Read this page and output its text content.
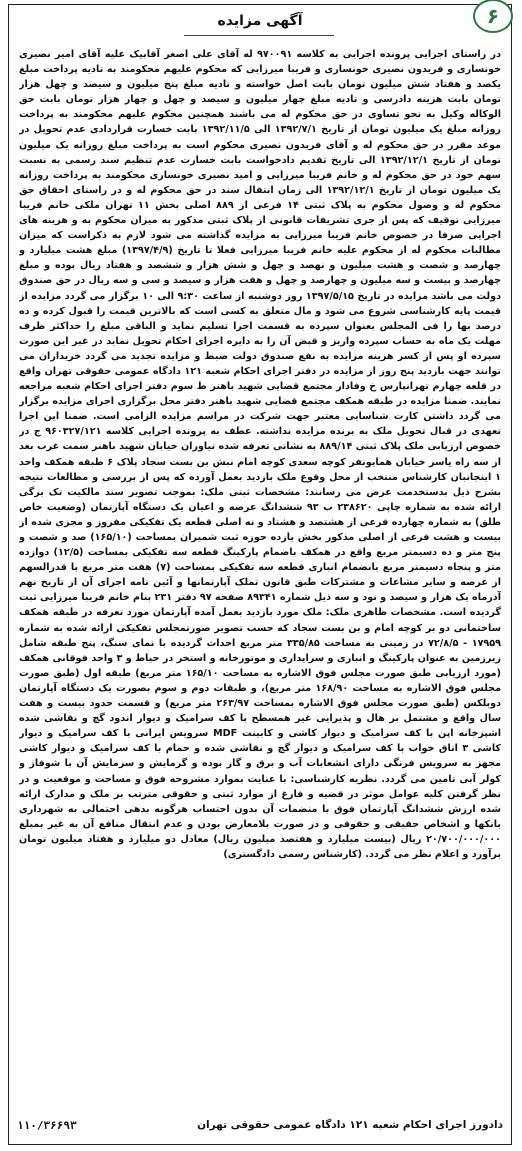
۶
آگهی مزایده
در راستای اجرایی پرونده اجرایی به کلاسه ۹۷۰۰۹۱ له آقای علی اصغر آقابیک علیه آقای امیر نصیری خونساری و فریدون نصیری خونساری و فریبا میرزایی که محکوم علیهم محکومند به تادیه پرداخت مبلغ یکصد و هفتاد شش میلیون تومان بابت اصل خواسته و تادیه مبلغ پنج میلیون و سیصد و چهل هزار تومان بابت هزینه دادرسی و تادیه مبلغ چهار میلیون و سیصد و چهل و چهار هزار تومان بابت حق الوکاله وکیل به نحو تساوی در حق محکوم له می باشند همچنین محکوم علیهم محکومند به پرداخت روزانه مبلغ یک میلیون تومان از تاریخ ۱۳۹۲/۷/۱ الی ۱۳۹۲/۱۱/۵ بابت خسارت قراردادی عدم تحویل در موعد مقرر در حق محکوم له و آقای فریدون نصیری محکوم است به پرداخت مبلغ روزانه یک میلیون تومان از تاریخ ۱۳۹۲/۱۲/۱ الی تاریخ تقدیم دادخواست بابت خسارت عدم تنظیم سند رسمی به نسبت سهم خود در حق محکوم له و خانم فریبا میرزایی و امید نصیری خونساری محکومند به پرداخت روزانه یک میلیون تومان از تاریخ ۱۳۹۲/۱۲/۱ الی زمان انتقال سند در حق محکوم له و در راستای احقاق حق محکوم له و وصول محکوم به پلاک ثبتی ۱۴ فرعی از ۸۸۹ اصلی بخش ۱۱ تهران ملکی خانم فریبا میرزایی توقیف که پس از جری تشریفات قانونی از پلاک ثبتی مذکور به میزان محکوم به و هزینه های اجرایی صرفا در خصوص خانم فریبا میرزایی به مزایده گذاشته می شود لازم به ذکراست که میزان مطالبات محکوم له از محکوم علیه خانم فریبا میرزایی فعلا تا تاریخ (۱۳۹۷/۴/۹) مبلغ هشت میلیارد و چهارصد و شصت و هشت میلیون و نهصد و چهل و شش هزار و ششصد و هفتاد ریال بوده و مبلغ چهارصد و بیست و سه میلیون و چهارصد و چهل و هفت هزار و سیصد و سی و سه ریال در حق صندوق دولت می باشد مزایده در تاریخ ۱۳۹۷/۵/۱۵ روز دوشنبه از ساعت ۹:۳۰ الی ۱۰ برگزار می گردد مزایده از قیمت پایه کارشناسی شروع می شود و مال متعلق به کسی است که بالاترین قیمت را قبول کرده و ده درصد بها را فی المجلس بعنوان سپرده به قسمت اجرا تسلیم نماید و الباقی مبلغ را حداکثر ظرف مهلت یک ماه به حساب سپرده واریز و قبض آن را به دایره اجرای احکام تحویل نماید در غیر این صورت سپرده او پس از کسر هزینه مزایده به نفع صندوق دولت ضبط و مزایده تجدید می گردد خریداران می توانند جهت بازدید پنج روز از مزایده در دفتر اجرای احکام شعبه ۱۲۱ دادگاه عمومی حقوقی تهران واقع در قلعه چهارم تهرانپارس خ وفادار مجتمع قضایی شهید باهنر ط سوم دفتر اجرای احکام شعبه مراجعه نمایند. ضمنا مزایده در طبقه همکف مجتمع قضایی شهید باهنر دفتر محل برگزاری اجرای مزایده برگزار می گردد داشتن کارت شناسایی معتبر جهت شرکت در مراسم مزایده الزامی است. ضمنا این اجرا تعهدی در قبال تحویل ملک به برنده مزایده نداشته. عطف به پرونده اجرایی کلاسه ۹۶۰۳۲۷/۱۲۱ ج در خصوص ارزیابی ملک پلاک ثبتی ۸۸۹/۱۴ به نشانی تعرفه شده نیاوران خیابان شهید باهنر سمت غرب بعد از سه راه یاسر خیابان همایونفر کوچه سعدی کوچه امام نبش بن بست سجاد پلاک ۶ طبقه همکف واحد ۱ اینجانبان کارشناس منتخب از محل وقوع ملک بازدید بعمل آورده که پس از بررسی و مطالعات نتیجه بشرح ذیل بدستخدمت عرض می رسانند: مشخصات ثبتی ملک: بموجب تصویر سند مالکیت تک برگی ارائه شده به شماره چاپی ۲۳۸۶۲۰ ب ۹۳ ششدانگ عرصه و اعیان یک دستگاه آپارتمان (وضعیت خاص طلق) به شماره چهارده فرعی از هشتصد و هشتاد و نه اصلی قطعه یک تفکیکی مفروز و مجزی شده از بیست و هشت فرعی از اصلی مذکور بخش یازده حوزه ثبت شمیران بمساحت (۱۶۵/۱۰) صد و شصت و پنج متر و ده دسیمتر مربع واقع در همکف باضمام پارکینگ قطعه سه تفکیکی بمساحت (۱۲/۵) دوازده متر و پنجاه دسیمتر مربع بانضمام انباری قطعه سه تفکیکی بمساحت (۷) هفت متر مربع با قدرالسهم از عرصه و سایر مشاعات و مشترکات طبق قانون تملک آپارتمانها و آئین نامه اجرای آن از تاریخ نهم آذرماه یک هزار و سیصد و نود و سه ذیل شماره ۸۹۳۴۱ صفحه ۹۷ دفتر ۲۳۱ بنام خانم فریبا میرزایی ثبت گردیده است. مشخصات ظاهری ملک: ملک مورد بازدید بعمل آمده آپارتمان مورد تعرفه در طبقه همکف ساختمانی دو بر کوچه امام و بن بست سجاد که حسب تصویر صورتمجلس تفکیکی ارائه شده به شماره ۱۷۹۵۹ - ۷۲/۸/۵ در زمینی به مساحت ۳۳۵/۸۵ متر مربع احداث گردیده با نمای سنگ، پنج طبقه شامل زیرزمین به عنوان پارکینگ و انباری و سرایداری و موتورخانه و استخر در حیاط و ۳ واحد فوقانی همکف (مورد ارزیابی طبق صورت مجلس فوق الاشاره به مساحت ۱۶۵/۱۰ متر مربع) طبقه اول (طبق صورت مجلس فوق الاشاره به مساحت ۱۶۸/۹۰ متر مربع)، و طبقات دوم و سوم بصورت یک دستگاه آپارتمان دوبلکس (طبق صورت مجلس فوق الاشاره بمساحت ۲۶۳/۹۷ متر مربع) و قسمت حدود بیست و هفت سال واقع و مشتمل بر هال و پذیرایی غیر همسطح با کف سرامیک و دیوار اندود گچ و نقاشی شده اشپزخانه اپن با کف سرامیک و دیوار کاشی و کابینت MDF سرویس ایرانی با کف سرامیک و دیوار کاشی ۳ اتاق خواب با کف سرامیک و دیوار گچ و نقاشی شده و حمام با کف سرامیک و دیوار کاشی مجهز به سرویس فرنگی دارای انشعابات آب و برق و گاز بوده و گرمایش و سرمایش آن با شوفاژ و کولر آبی تامین می گردد. نظریه کارشناسی: با عنایت بموارد مشروحه فوق و مساحت و موقعیت و در نظر گرفتن کلیه عوامل موثر در قضیه و فارغ از موارد ثبتی و حقوقی مترتب بر ملک و مدارک ارائه شده ارزش ششدانگ آپارتمان فوق با منضمات آن بدون احتساب هرگونه بدهی احتمالی به شهرداری بانکها و اشخاص حقیقی و حقوقی و در صورت بلامعارض بودن و عدم انتقال منافع آن به غیر بمبلغ ۲۰/۷۰۰/۰۰۰/۰۰۰ ریال (بیست میلیارد و هفتصد میلیون ریال) معادل دو میلیارد و هفتاد میلیون تومان برآورد و اعلام نظر می گردد. (کارشناس رسمی دادگستری)
۱۱۰/۳۶۶۹۳	دادورز اجرای احکام شعبه ۱۲۱ دادگاه عمومی حقوقی تهران
